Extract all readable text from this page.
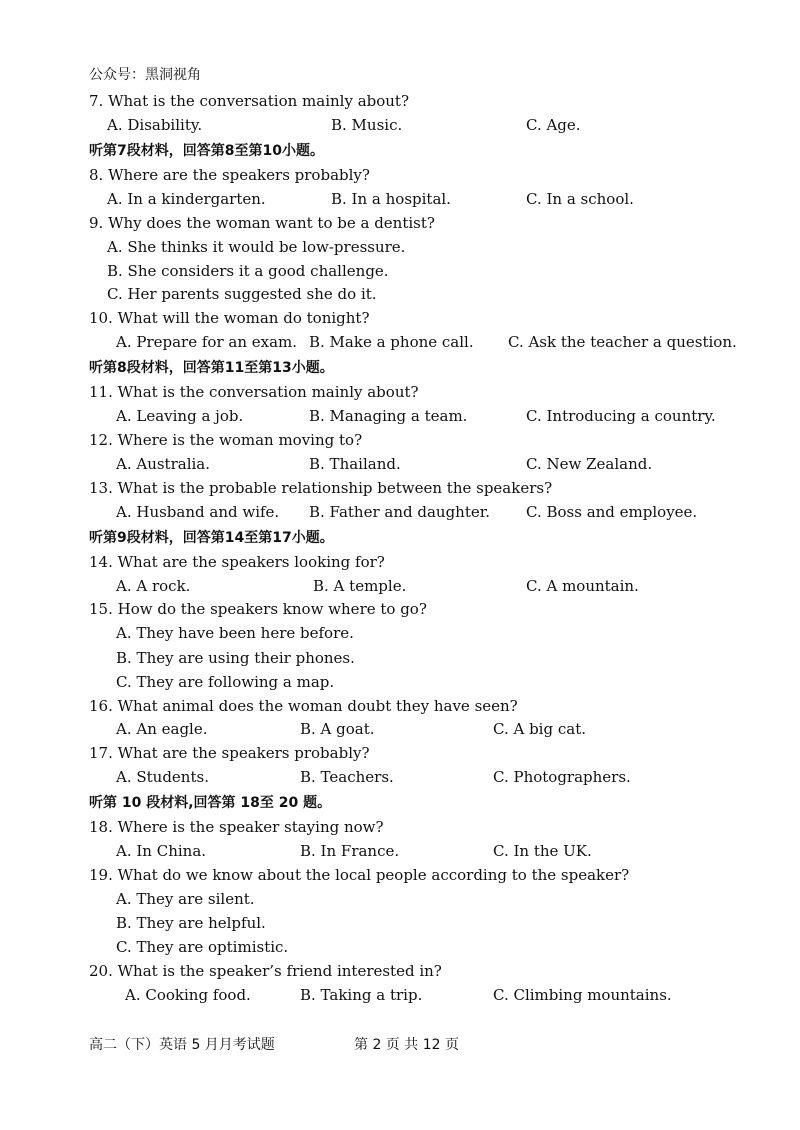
公众号：黑洞视角
7. What is the conversation mainly about?
A. Disability.	B. Music.	C. Age.
听第7段材料，回答第8至第10小题。
8. Where are the speakers probably?
A. In a kindergarten.	B. In a hospital.	C. In a school.
9. Why does the woman want to be a dentist?
A. She thinks it would be low-pressure.
B. She considers it a good challenge.
C. Her parents suggested she do it.
10. What will the woman do tonight?
A. Prepare for an exam. B. Make a phone call. C. Ask the teacher a question.
听第8段材料，回答第11至第13小题。
11. What is the conversation mainly about?
A. Leaving a job.	B. Managing a team.	C. Introducing a country.
12. Where is the woman moving to?
A. Australia.	B. Thailand.	C. New Zealand.
13. What is the probable relationship between the speakers?
A. Husband and wife. B. Father and daughter. C. Boss and employee.
听第9段材料，回答第14至第17小题。
14. What are the speakers looking for?
A. A rock.	B. A temple.	C. A mountain.
15. How do the speakers know where to go?
A. They have been here before.
B. They are using their phones.
C. They are following a map.
16. What animal does the woman doubt they have seen?
A. An eagle.	B. A goat.	C. A big cat.
17. What are the speakers probably?
A. Students.	B. Teachers.	C. Photographers.
听第 10 段材料,回答第 18至 20 题。
18. Where is the speaker staying now?
A. In China.	B. In France.	C. In the UK.
19. What do we know about the local people according to the speaker?
A. They are silent.
B. They are helpful.
C. They are optimistic.
20. What is the speaker’s friend interested in?
A. Cooking food.	B. Taking a trip.	C. Climbing mountains.
高二（下）英语 5 月月考试题	第 2 页 共 12 页
